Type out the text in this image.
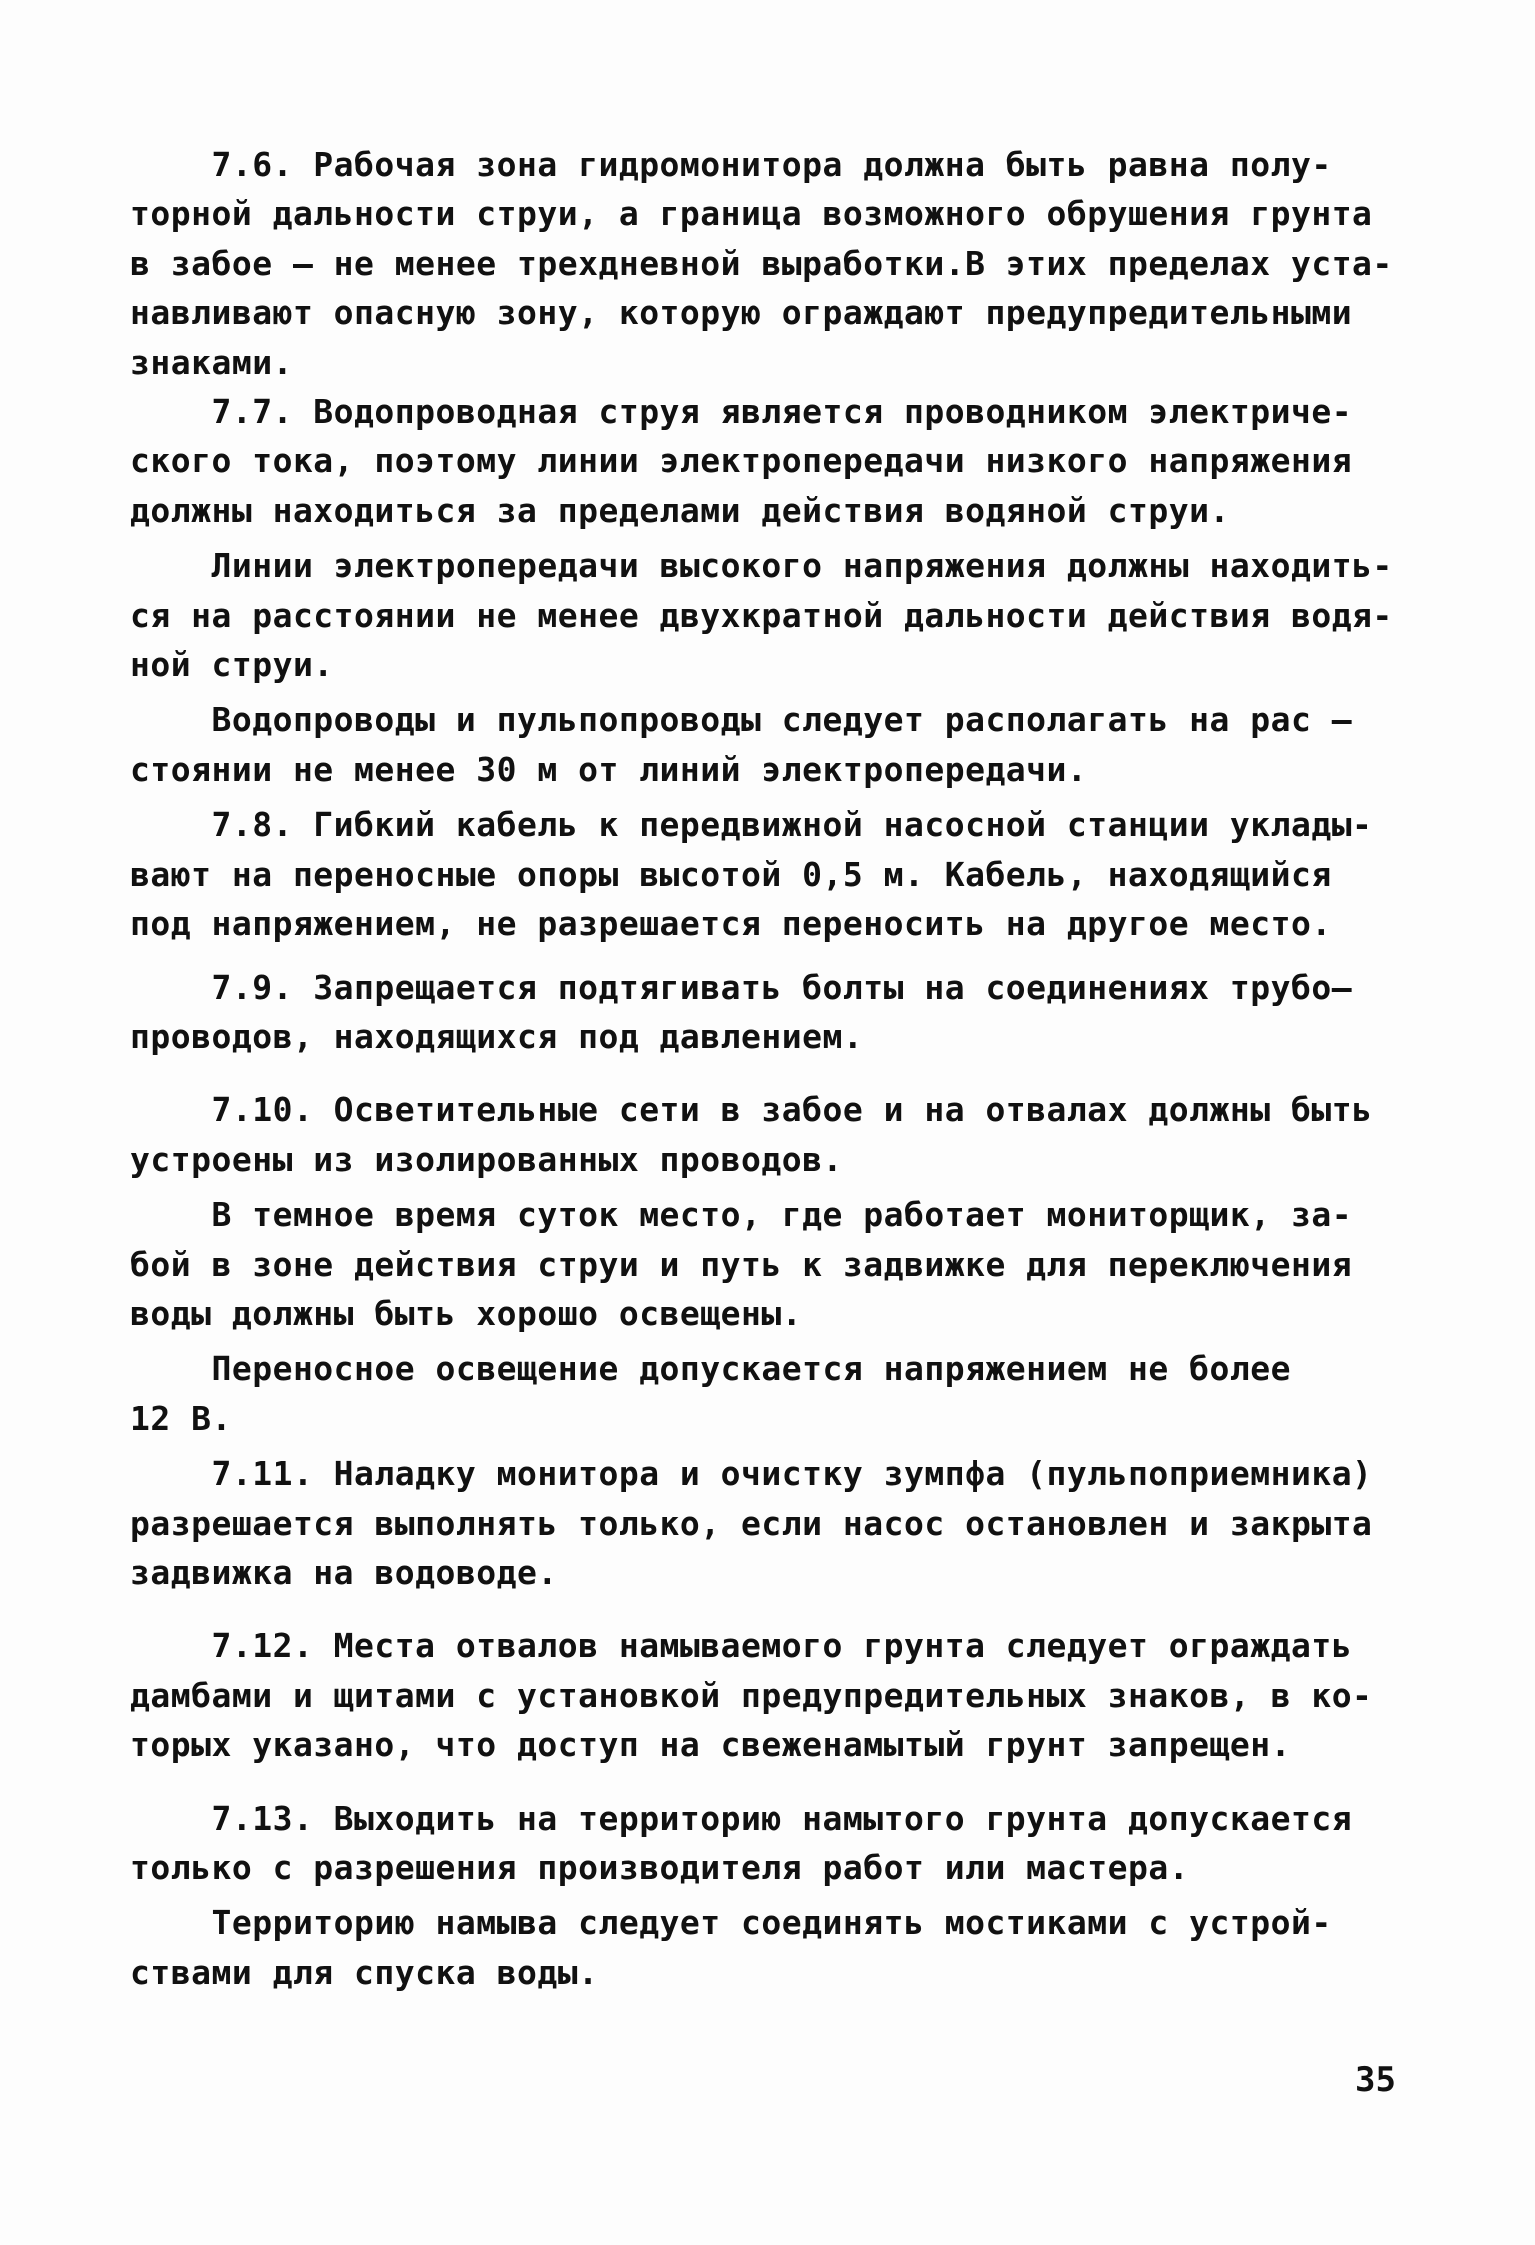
7.6. Рабочая зона гидромонитора должна быть равна полу-

торной дальности струи, а граница возможного обрушения грунта

в забое – не менее трехдневной выработки.В этих пределах уста-

навливают опасную зону, которую ограждают предупредительными

знаками.

7.7. Водопроводная струя является проводником электриче-

ского тока, поэтому линии электропередачи низкого напряжения

должны находиться за пределами действия водяной струи.

Линии электропередачи высокого напряжения должны находить-

ся на расстоянии не менее двухкратной дальности действия водя-

ной струи.

Водопроводы и пульпопроводы следует располагать на рас –

стоянии не менее 30 м от линий электропередачи.

7.8. Гибкий кабель к передвижной насосной станции уклады-

вают на переносные опоры высотой 0,5 м. Кабель, находящийся

под напряжением, не разрешается переносить на другое место.

7.9. Запрещается подтягивать болты на соединениях трубо–

проводов, находящихся под давлением.

7.10. Осветительные сети в забое и на отвалах должны быть

устроены из изолированных проводов.

В темное время суток место, где работает мониторщик, за-

бой в зоне действия струи и путь к задвижке для переключения

воды должны быть хорошо освещены.

Переносное освещение допускается напряжением не более

12 В.

7.11. Наладку монитора и очистку зумпфа (пульпоприемника)

разрешается выполнять только, если насос остановлен и закрыта

задвижка на водоводе.

7.12. Места отвалов намываемого грунта следует ограждать

дамбами и щитами с установкой предупредительных знаков, в ко-

торых указано, что доступ на свеженамытый грунт запрещен.

7.13. Выходить на территорию намытого грунта допускается

только с разрешения производителя работ или мастера.

Территорию намыва следует соединять мостиками с устрой-

ствами для спуска воды.

35
